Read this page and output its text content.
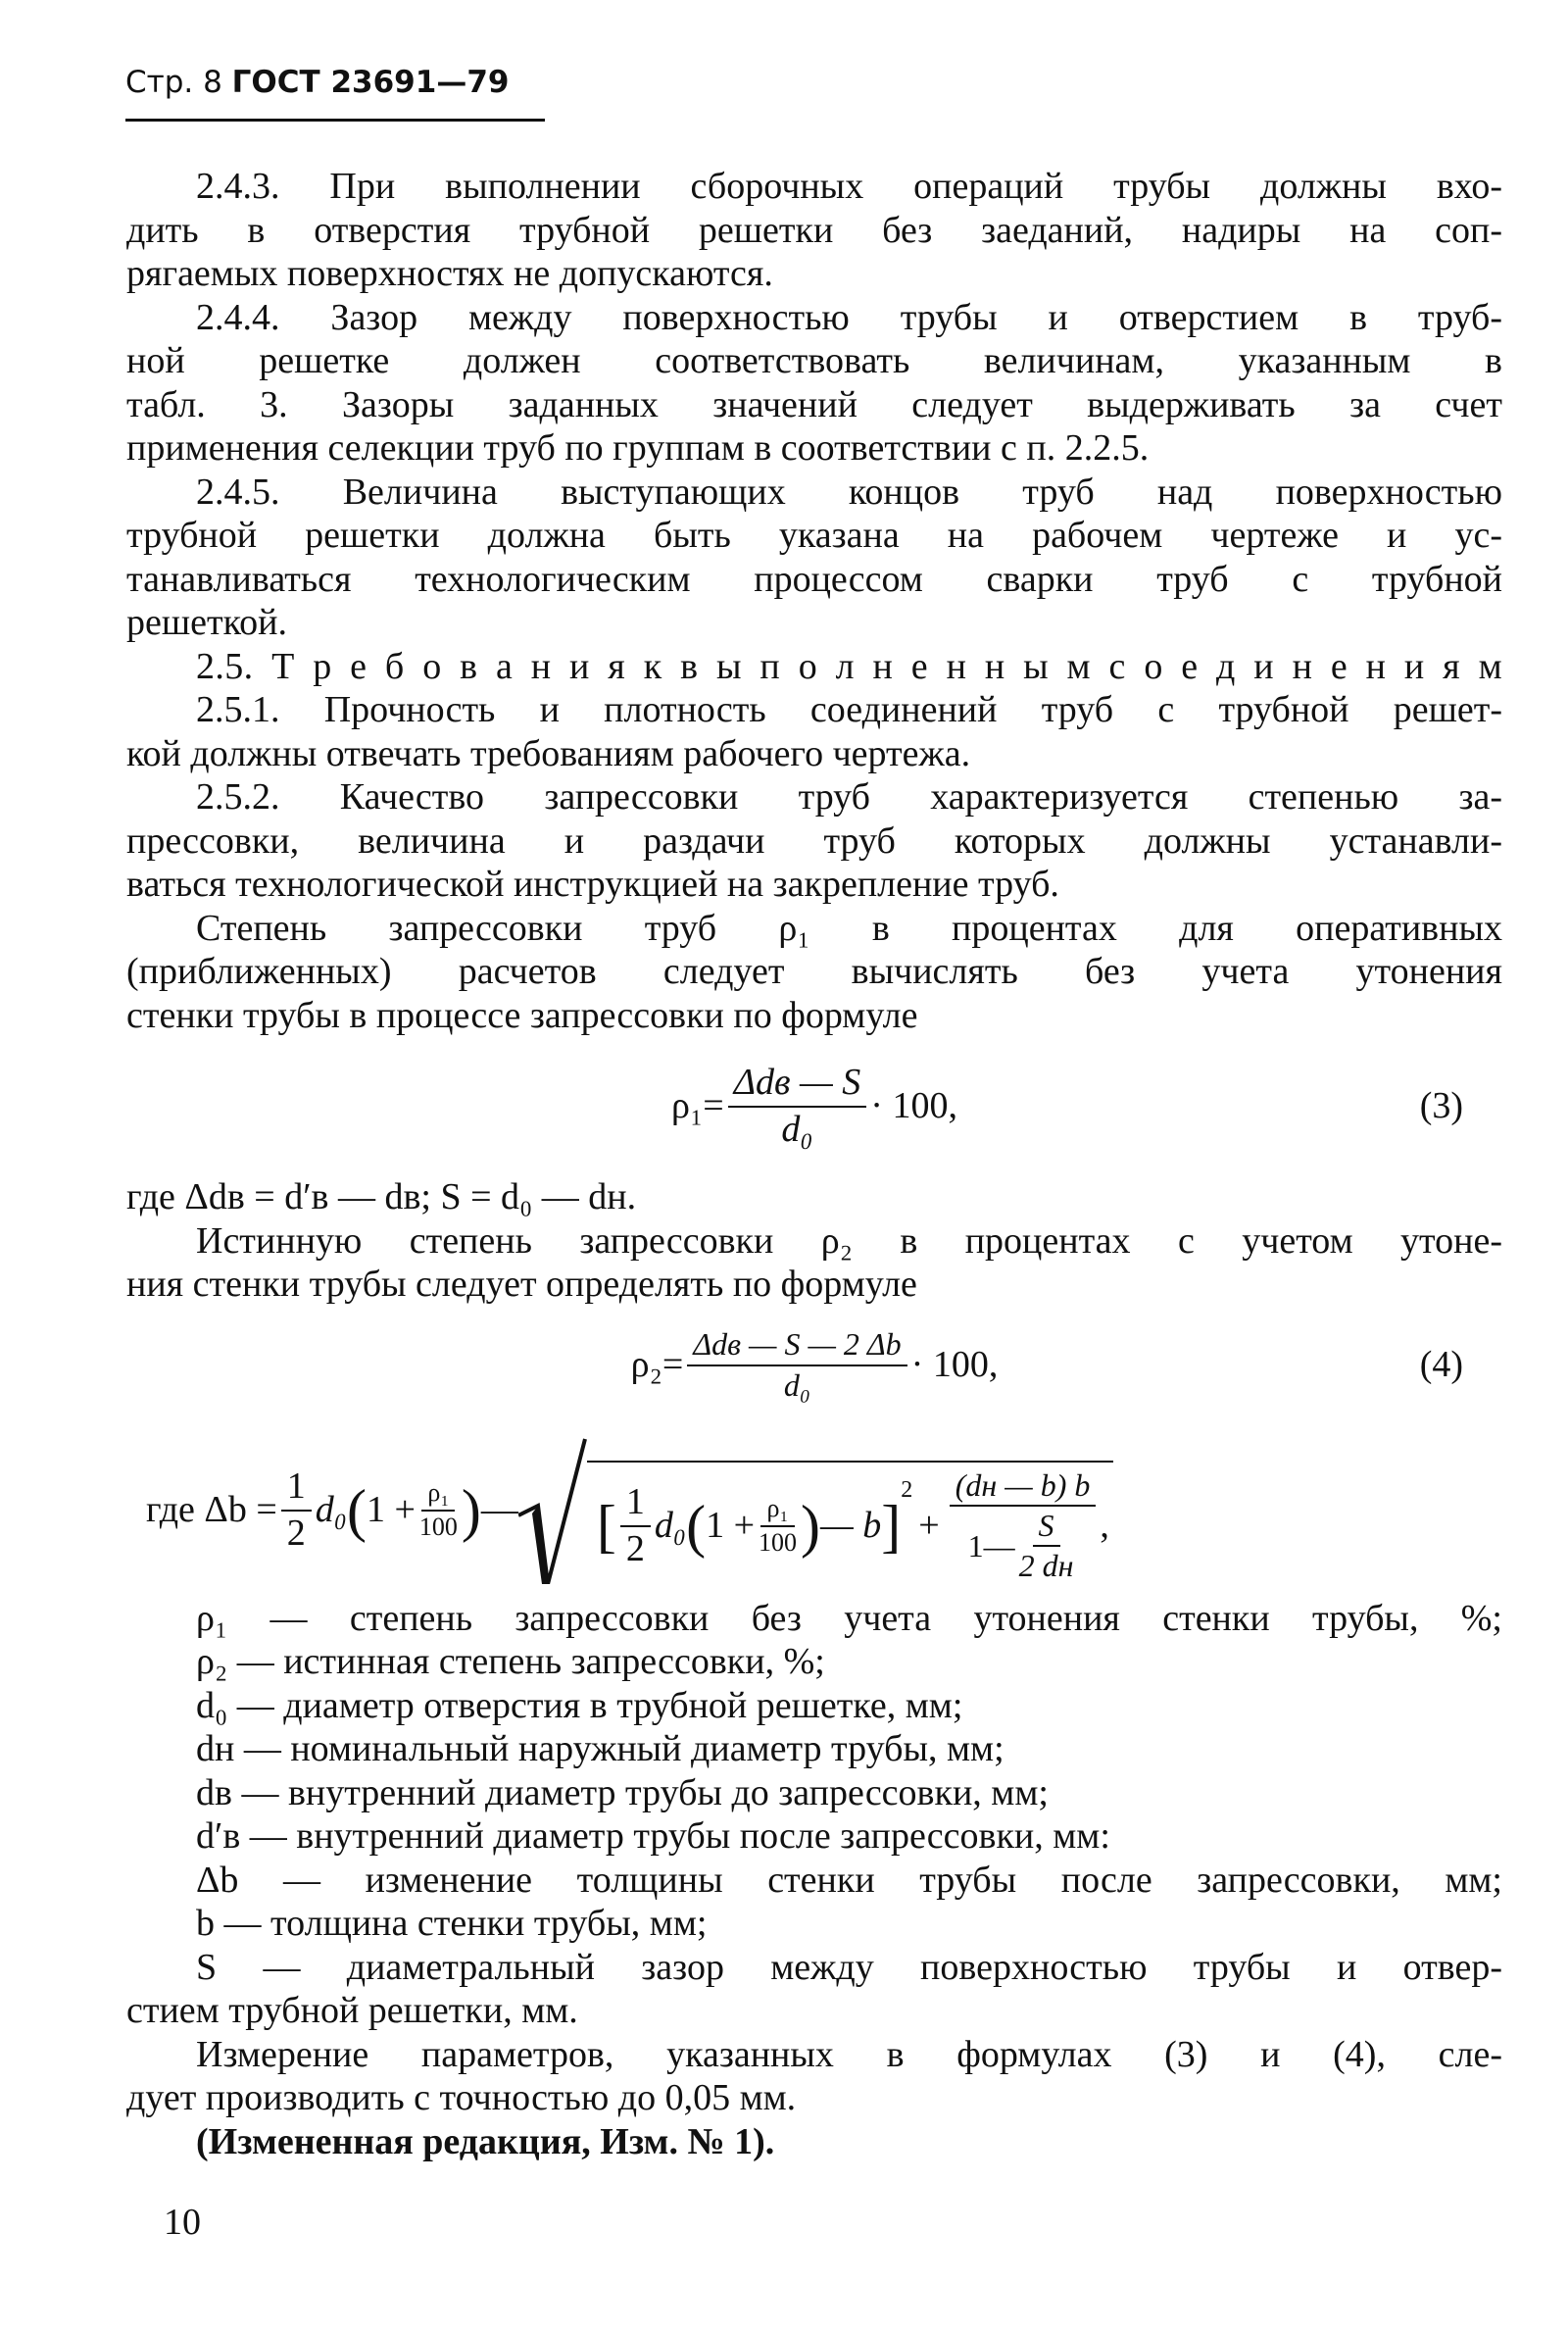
Стр. 8 ГОСТ 23691—79
2.4.3. При выполнении сборочных операций трубы должны вхо-
дить в отверстия трубной решетки без заеданий, надиры на соп-
рягаемых поверхностях не допускаются.
2.4.4. Зазор между поверхностью трубы и отверстием в труб-
ной решетке должен соответствовать величинам, указанным в
табл. 3. Зазоры заданных значений следует выдерживать за счет
применения селекции труб по группам в соответствии с п. 2.2.5.
2.4.5. Величина выступающих концов труб над поверхностью
трубной решетки должна быть указана на рабочем чертеже и ус-
танавливаться технологическим процессом сварки труб с трубной
решеткой.
2.5. Т р е б о в а н и я к в ы п о л н е н н ы м с о е д и н е н и я м
2.5.1. Прочность и плотность соединений труб с трубной решет-
кой должны отвечать требованиям рабочего чертежа.
2.5.2. Качество запрессовки труб характеризуется степенью за-
прессовки, величина и раздачи труб которых должны устанавли-
ваться технологической инструкцией на закрепление труб.
Степень запрессовки труб ρ₁ в процентах для оперативных
(приближенных) расчетов следует вычислять без учета утонения
стенки трубы в процессе запрессовки по формуле
$\rho_1= \frac{\text{Δdв — S}}{\text{d₀}} \cdot 100$,	(3)
где Δdв = d′в — dв; S = d₀ — dн.
Истинную степень запрессовки ρ₂ в процентах с учетом утоне-
ния стенки трубы следует определять по формуле
$\rho_2= \frac{\text{Δdв — S — 2 Δb}}{\text{d₀}} \cdot 100$,	(4)
где $\Delta b = \frac{1}{2} d_0$ ( $1 + \frac{\text{ρ₁}}{100}$ ) — [ $\frac{1}{2} d_0$ ( $1 + \frac{\text{ρ₁}}{100}$ ) — b ]
$^2$
+ $\frac{(dн — b) b}{1— \frac{S}{2 dн}}$ ,
ρ₁ — степень запрессовки без учета утонения стенки трубы, %;
ρ₂ — истинная степень запрессовки, %;
d₀ — диаметр отверстия в трубной решетке, мм;
dн — номинальный наружный диаметр трубы, мм;
dв — внутренний диаметр трубы до запрессовки, мм;
d′в — внутренний диаметр трубы после запрессовки, мм:
Δb — изменение толщины стенки трубы после запрессовки, мм;
b — толщина стенки трубы, мм;
S — диаметральный зазор между поверхностью трубы и отвер-
стием трубной решетки, мм.
Измерение параметров, указанных в формулах (3) и (4), сле-
дует производить с точностью до 0,05 мм.
(Измененная редакция, Изм. № 1).
10
